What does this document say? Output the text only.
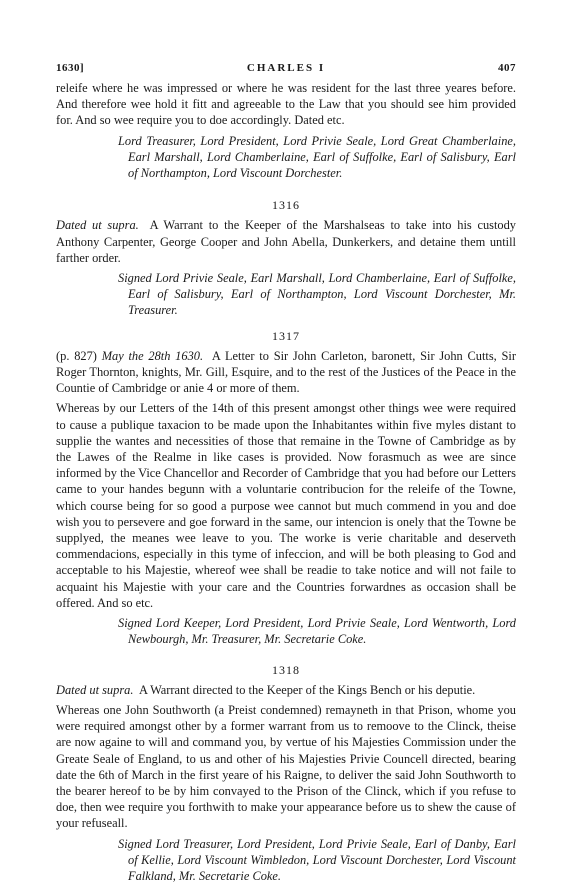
1630]	CHARLES I	407

releife where he was impressed or where he was resident for the last three yeares before. And therefore wee hold it fitt and agreeable to the Law that you should see him provided for. And so wee require you to doe accordingly. Dated etc.

Lord Treasurer, Lord President, Lord Privie Seale, Lord Great Chamberlaine, Earl Marshall, Lord Chamberlaine, Earl of Suffolke, Earl of Salisbury, Earl of Northampton, Lord Viscount Dorchester.

1316

Dated ut supra. A Warrant to the Keeper of the Marshalseas to take into his custody Anthony Carpenter, George Cooper and John Abella, Dunkerkers, and detaine them untill farther order.

Signed Lord Privie Seale, Earl Marshall, Lord Chamberlaine, Earl of Suffolke, Earl of Salisbury, Earl of Northampton, Lord Viscount Dorchester, Mr. Treasurer.

1317

(p. 827) May the 28th 1630. A Letter to Sir John Carleton, baronett, Sir John Cutts, Sir Roger Thornton, knights, Mr. Gill, Esquire, and to the rest of the Justices of the Peace in the Countie of Cambridge or anie 4 or more of them.

Whereas by our Letters of the 14th of this present amongst other things wee were required to cause a publique taxacion to be made upon the Inhabitantes within five myles distant to supplie the wantes and necessities of those that remaine in the Towne of Cambridge as by the Lawes of the Realme in like cases is provided. Now forasmuch as wee are since informed by the Vice Chancellor and Recorder of Cambridge that you had before our Letters came to your handes begunn with a voluntarie contribucion for the releife of the Towne, which course being for so good a purpose wee cannot but much commend in you and doe wish you to persevere and goe forward in the same, our intencion is onely that the Towne be supplyed, the meanes wee leave to you. The worke is verie charitable and deserveth commendacions, especially in this tyme of infeccion, and will be both pleasing to God and acceptable to his Majestie, whereof wee shall be readie to take notice and will not faile to acquaint his Majestie with your care and the Countries forwardnes as occasion shall be offered. And so etc.

Signed Lord Keeper, Lord President, Lord Privie Seale, Lord Wentworth, Lord Newbourgh, Mr. Treasurer, Mr. Secretarie Coke.

1318

Dated ut supra. A Warrant directed to the Keeper of the Kings Bench or his deputie.

Whereas one John Southworth (a Preist condemned) remayneth in that Prison, whome you were required amongst other by a former warrant from us to remoove to the Clinck, theise are now againe to will and command you, by vertue of his Majesties Commission under the Greate Seale of England, to us and other of his Majesties Privie Councell directed, bearing date the 6th of March in the first yeare of his Raigne, to deliver the said John Southworth to the bearer hereof to be by him convayed to the Prison of the Clinck, which if you refuse to doe, then wee require you forthwith to make your appearance before us to shew the cause of your refuseall.

Signed Lord Treasurer, Lord President, Lord Privie Seale, Earl of Danby, Earl of Kellie, Lord Viscount Wimbledon, Lord Viscount Dorchester, Lord Viscount Falkland, Mr. Secretarie Coke.
